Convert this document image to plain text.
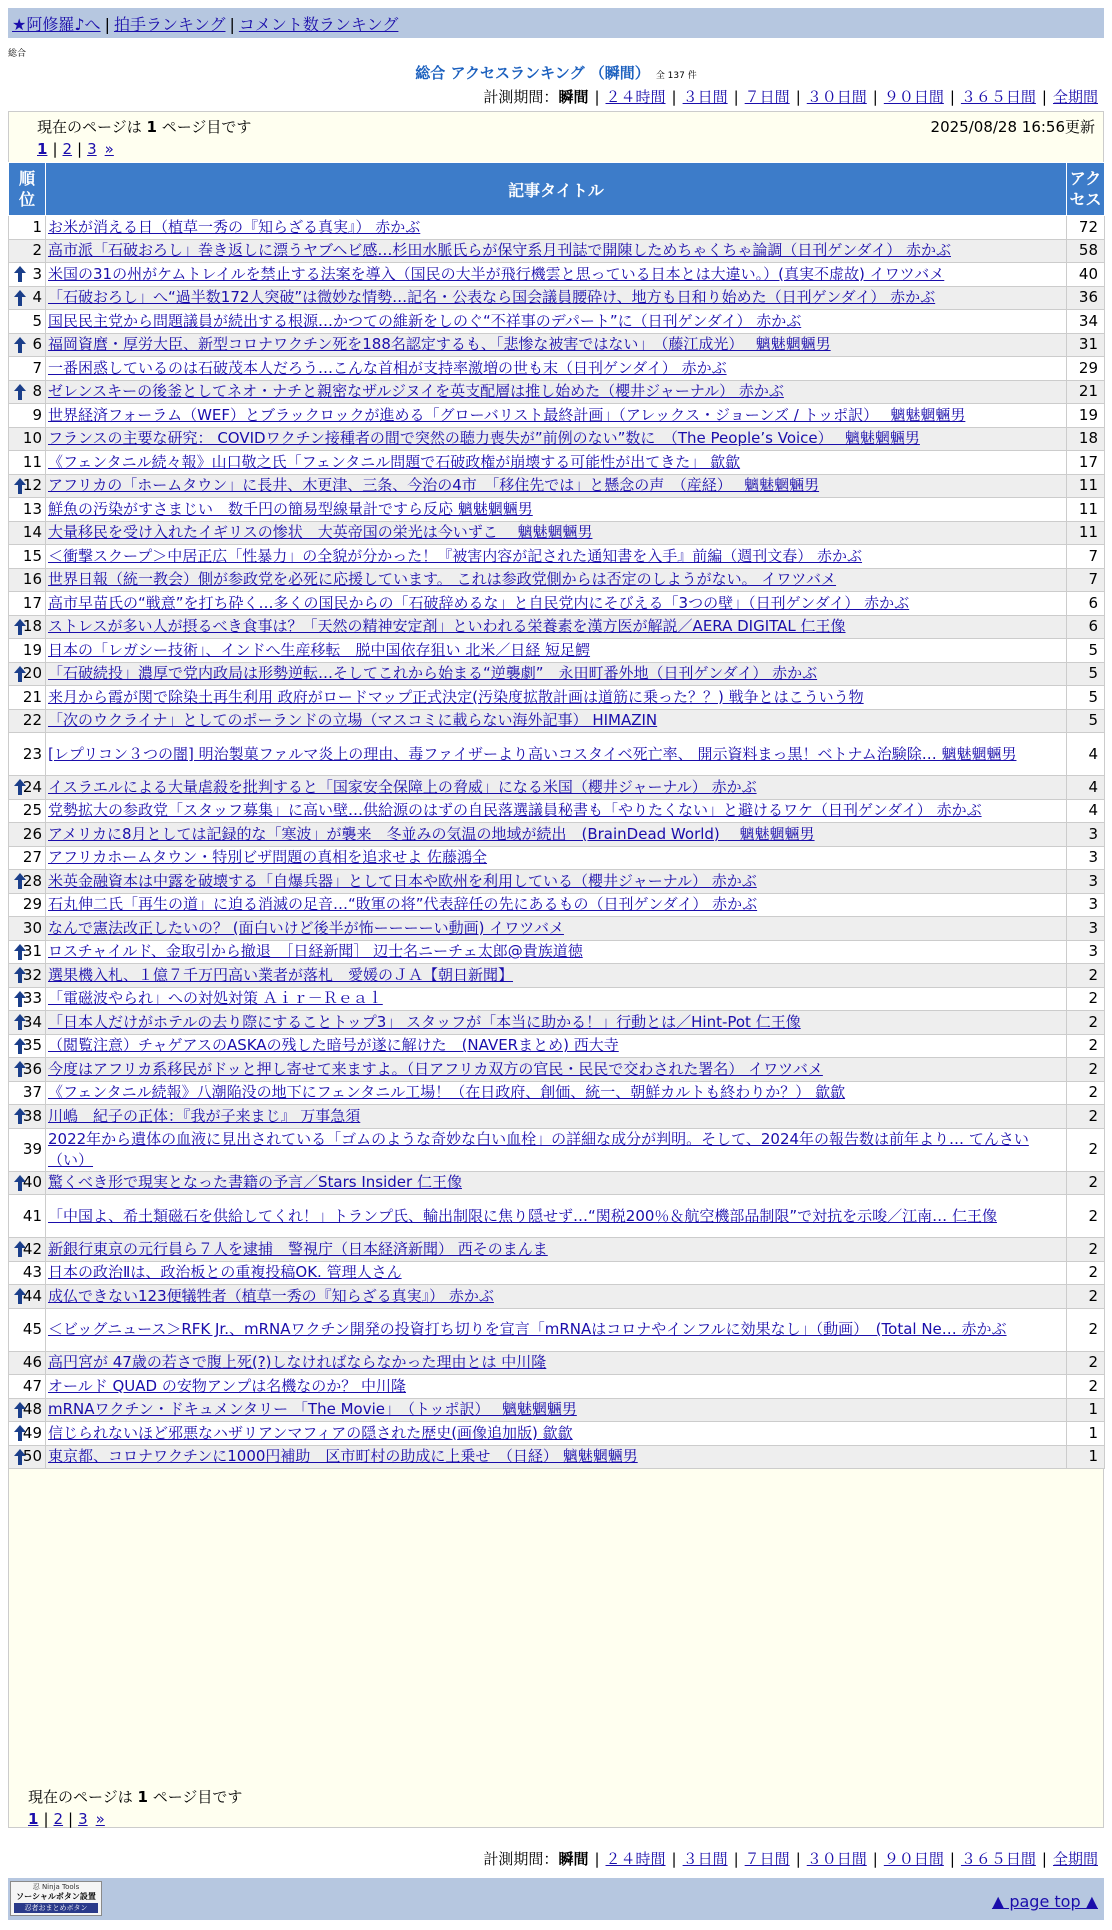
★阿修羅♪へ | 拍手ランキング | コメント数ランキング
総合
総合 アクセスランキング （瞬間） 全 137 件
計測期間：瞬間 | ２４時間 | ３日間 | ７日間 | ３０日間 | ９０日間 | ３６５日間 | 全期間
現在のページは 1 ページ目です	2025/08/28 16:56更新
1 | 2 | 3 »
順位	記事タイトル	アクセス

1	お米が消える日（植草一秀の『知らざる真実』） 赤かぶ	72
2	高市派「石破おろし」巻き返しに漂うヤブヘビ感…杉田水脈氏らが保守系月刊誌で開陳しためちゃくちゃ論調（日刊ゲンダイ） 赤かぶ	58

3	米国の31の州がケムトレイルを禁止する法案を導入（国民の大半が飛行機雲と思っている日本とは大違い。）(真実不虚故) イワツバメ	40

4	「石破おろし」へ“過半数172人突破”は微妙な情勢…記名・公表なら国会議員腰砕け、地方も日和り始めた（日刊ゲンダイ） 赤かぶ	36
5	国民民主党から問題議員が続出する根源…かつての維新をしのぐ“不祥事のデパート”に（日刊ゲンダイ） 赤かぶ	34

6	福岡資麿・厚労大臣、新型コロナワクチン死を188名認定するも、「悲惨な被害ではない」　（藤江成光）　 魑魅魍魎男	31
7	一番困惑しているのは石破茂本人だろう…こんな首相が支持率激増の世も末（日刊ゲンダイ） 赤かぶ	29

8	ゼレンスキーの後釜としてネオ・ナチと親密なザルジヌイを英支配層は推し始めた（櫻井ジャーナル） 赤かぶ	21
9	世界経済フォーラム（WEF）とブラックロックが進める「グローバリスト最終計画」（アレックス・ジョーンズ / トッポ訳）　 魑魅魍魎男	19
10	フランスの主要な研究： COVIDワクチン接種者の間で突然の聴力喪失が”前例のない”数に　（The People’s Voice）　 魑魅魍魎男	18
11	《フェンタニル続々報》山口敬之氏「フェンタニル問題で石破政権が崩壊する可能性が出てきた」 歙歙	17

12	アフリカの「ホームタウン」に長井、木更津、三条、今治の4市　「移住先では」と懸念の声　（産経）　 魑魅魍魎男	11
13	鮮魚の汚染がすさまじい　数千円の簡易型線量計ですら反応 魑魅魍魎男	11
14	大量移民を受け入れたイギリスの惨状　大英帝国の栄光は今いずこ　 魑魅魍魎男	11
15	＜衝撃スクープ＞中居正広「性暴力」の全貌が分かった！『被害内容が記された通知書を入手』前編（週刊文春） 赤かぶ	7
16	世界日報（統一教会）側が参政党を必死に応援しています。 これは参政党側からは否定のしようがない。 イワツバメ	7
17	高市早苗氏の“戦意”を打ち砕く…多くの国民からの「石破辞めるな」と自民党内にそびえる「3つの壁」（日刊ゲンダイ） 赤かぶ	6

18	ストレスが多い人が摂るべき食事は？「天然の精神安定剤」といわれる栄養素を漢方医が解説／AERA DIGITAL 仁王像	6
19	日本の「レガシー技術」、インドへ生産移転　脱中国依存狙い 北米／日経 短足鰐	5

20	「石破続投」濃厚で党内政局は形勢逆転…そしてこれから始まる“逆襲劇”　永田町番外地（日刊ゲンダイ） 赤かぶ	5
21	来月から霞が関で除染土再生利用 政府がロードマップ正式決定(汚染度拡散計画は道筋に乗った？？) 戦争とはこういう物	5
22	「次のウクライナ」としてのポーランドの立場（マスコミに載らない海外記事） HIMAZIN	5
23	[レプリコン３つの闇] 明治製菓ファルマ炎上の理由、毒ファイザーより高いコスタイベ死亡率、 開示資料まっ黒！ベトナム治験除… 魑魅魍魎男	4

24	イスラエルによる大量虐殺を批判すると「国家安全保障上の脅威」になる米国（櫻井ジャーナル） 赤かぶ	4
25	党勢拡大の参政党「スタッフ募集」に高い壁…供給源のはずの自民落選議員秘書も「やりたくない」と避けるワケ（日刊ゲンダイ） 赤かぶ	4
26	アメリカに8月としては記録的な「寒波」が襲来　冬並みの気温の地域が続出　(BrainDead World)　 魑魅魍魎男	3
27	アフリカホームタウン・特別ビザ問題の真相を追求せよ 佐藤鴻全	3

28	米英金融資本は中露を破壊する「自爆兵器」として日本や欧州を利用している（櫻井ジャーナル） 赤かぶ	3
29	石丸伸二氏「再生の道」に迫る消滅の足音…“敗軍の将”代表辞任の先にあるもの（日刊ゲンダイ） 赤かぶ	3
30	なんで憲法改正したいの？ (面白いけど後半が怖ーーーーい動画) イワツバメ	3

31	ロスチャイルド、金取引から撤退　［日経新聞］ 辺士名ニーチェ太郎@貴族道徳	3

32	選果機入札、１億７千万円高い業者が落札　愛媛のＪＡ【朝日新聞】	2

33	「電磁波やられ」への対処対策 Ａｉｒ－Ｒｅａｌ	2

34	「日本人だけがホテルの去り際にすることトップ3」 スタッフが「本当に助かる！」行動とは／Hint-Pot 仁王像	2

35	（閲覧注意）チャゲアスのASKAの残した暗号が遂に解けた　(NAVERまとめ) 西大寺	2

36	今度はアフリカ系移民がドッと押し寄せて来ますよ。（日アフリカ双方の官民・民民で交わされた署名） イワツバメ	2
37	《フェンタニル続報》八潮陥没の地下にフェンタニル工場！（在日政府、創価、統一、朝鮮カルトも終わりか？） 歙歙	2

38	川嶋　紀子の正体：『我が子来まじ』 万事急須	2
39	2022年から遺体の血液に見出されている「ゴムのような奇妙な白い血栓」の詳細な成分が判明。そして、2024年の報告数は前年より… てんさい（い）	2

40	驚くべき形で現実となった書籍の予言／Stars Insider 仁王像	2
41	「中国よ、希土類磁石を供給してくれ！」トランプ氏、輸出制限に焦り隠せず…“関税200％＆航空機部品制限”で対抗を示唆／江南… 仁王像	2

42	新銀行東京の元行員ら７人を逮捕　警視庁（日本経済新聞） 西そのまんま	2
43	日本の政治Ⅱは、政治板との重複投稿OK. 管理人さん	2

44	成仏できない123便犠牲者（植草一秀の『知らざる真実』） 赤かぶ	2
45	＜ビッグニュース＞RFK Jr.、mRNAワクチン開発の投資打ち切りを宣言「mRNAはコロナやインフルに効果なし」（動画）　(Total Ne… 赤かぶ	2
46	高円宮が 47歳の若さで腹上死(?)しなければならなかった理由とは 中川隆	2
47	オールド QUAD の安物アンプは名機なのか？ 中川隆	2

48	mRNAワクチン・ドキュメンタリー 「The Movie」　（トッポ訳）　 魑魅魍魎男	1

49	信じられないほど邪悪なハザリアンマフィアの隠された歴史(画像追加版) 歙歙	1

50	東京都、コロナワクチンに1000円補助　区市町村の助成に上乗せ　（日経） 魑魅魍魎男	1
現在のページは 1 ページ目です
1 | 2 | 3 »
計測期間：瞬間 | ２４時間 | ３日間 | ７日間 | ３０日間 | ９０日間 | ３６５日間 | 全期間
忍 Ninja Tools
ソーシャルボタン設置
忍者おまとめボタン	▲ page top ▲
